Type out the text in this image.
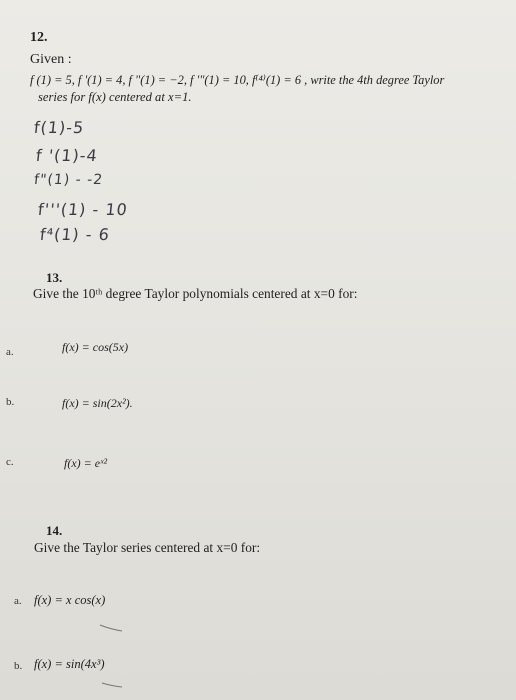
12.
Given :
f (1) = 5, f '(1) = 4, f "(1) = −2, f '"(1) = 10, f⁽⁴⁾(1) = 6 , write the 4th degree Taylor
series for f(x) centered at x=1.
f(1)-5
f '(1)-4
f"(1) - -2
f'''(1) - 10
f⁴(1) - 6
13.
Give the 10ᵗʰ degree Taylor polynomials centered at x=0 for:
a.	f(x) = cos(5x)
b.	f(x) = sin(2x²).
c.	f(x) = eˣ²
14.
Give the Taylor series centered at x=0 for:
a. f(x) = x cos(x)
b. f(x) = sin(4x³)
